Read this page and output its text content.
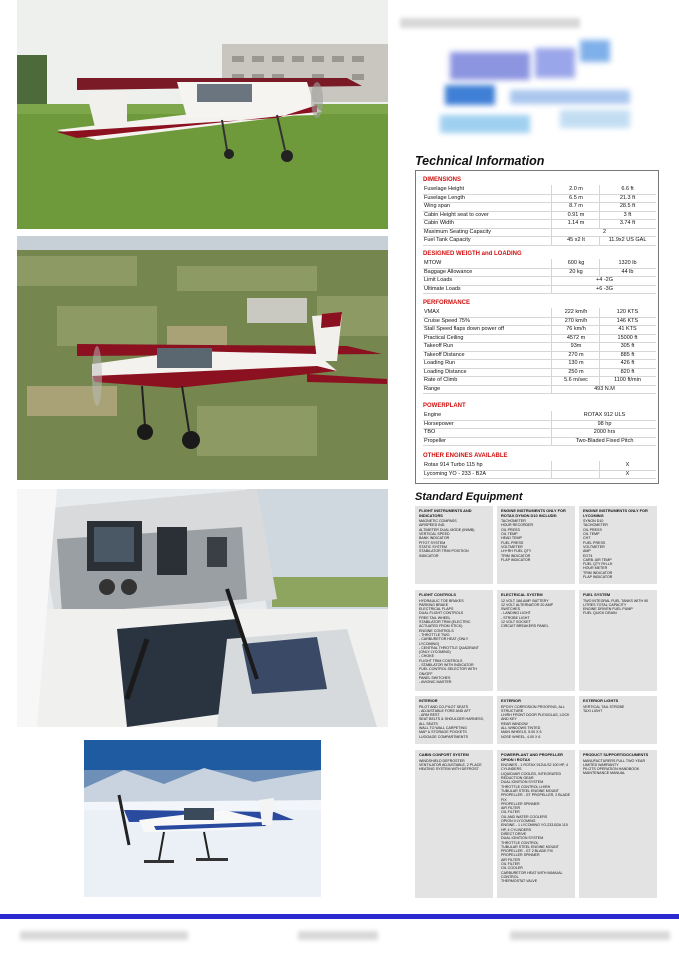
Technical Information
DIMENSIONS
Fuselage Height	2.0 m	6.6 ft
Fuselage Length	6.5 m	21.3 ft
Wing span	8.7 m	28.5 ft
Cabin Height seat to cover	0.91 m	3 ft
Cabin Width	1.14 m	3.74 ft
Maximum Seating Capacity	2
Fuel Tank Capacity	45 x2 lt	11.9x2 US GAL
DESIGNED WEIGTH and LOADING
MTOW	600 kg	1320 lb
Baggage Allowance	20 kg	44 lb
Limit Loads	+4 -2G
Ultimate Loads	+6 -3G
PERFORMANCE
VMAX	222 km/h	120 KTS
Cruise Speed 75%	270 km/h	146 KTS
Stall Speed flaps down power off	76 km/h	41 KTS
Practical Ceiling	4572 m	15000 ft
Takeoff Run	93m	305 ft
Takeoff Distance	270 m	885 ft
Loading Run	130 m	426 ft
Loading Distance	250 m	820 ft
Rate of Climb	5.6 m/sec	1100 ft/min
Range	493 N.M
POWERPLANT
Engine	ROTAX 912 ULS
Horsepower	98 hp
TBO	2000 hrs
Propeller	Two-Bladed Fixed Pitch
OTHER ENGINES AVAILABLE
Rotax 914 Turbo 115 hp	X
Lycoming YO - 233 - B2A	X
Standard Equipment
FLIGHT INSTRUMENTS AND INDICATORS
MAGNETIC COMPASS
AIRSPEED IND.
ALTIMETER DUAL MODE (IN/MB)
VERTICAL SPEED
BANK INDICATOR
PITOT SYSTEM
STATIC SYSTEM
STABILATOR TRIM POSITION INDICATOR
ENGINE INSTRUMENTS ONLY FOR ROTAX DYNON D10 INCLUDE:
TACHOMETER
HOUR RECORDER
OIL PRESS
OIL TEMP
HEAD TEMP
FUEL PRESS
VOLTMETER
LH+RH FUEL QTY
TRIM INDICATOR
FLAP INDICATOR
ENGINE INSTRUMENTS ONLY FOR LYCOMING
SYNON D10
TACHOMETER
OIL PRESS
OIL TEMP
CHT
FUEL PRESS
VOLTMETER
AMP
EGT4
CARB. AIR TEMP
FUEL QTY RH-LH
HOUR METER
TRIM INDICATOR
FLAP INDICATOR
FLIGHT CONTROLS
HYDRAULIC TOE BRAKES
PARKING BRAKE
ELECTRICAL FLAPS
DUAL FLIGHT CONTROLS
FREE TAIL WHEEL
STABILATOR TRIM (ELECTRIC ACTUATED FROM STICK)
ENGINE CONTROLS
- THROTTLE TWO
- CARBURETOR HEAT (ONLY LYCOMING)
- CENTRAL THROTTLE QUADRANT (ONLY LYCOMING)
- CHOKE
FLIGHT TRIM CONTROLS
- STABILATOR WITH INDICATOR
FUEL CONTROL SELECTOR WITH ON/OFF
PANEL SWITCHES
- AVIONIC MASTER
ELECTRICAL SYSTEM
12 VOLT 18A AMP. BATTERY
12 VOLT ALTERNATOR 20 AMP
SWITCHES
- LANDING LIGHT
- STROBE LIGHT
12 VOLT SOCKET
CIRCUIT BREAKERS PANEL
FUEL SYSTEM
TWO INTEGRAL FUEL TANKS WITH 90 LITRES TOTAL CAPACITY
ENGINE DRIVEN FUEL PUMP
FUEL QUICK DRAIN
INTERIOR
PILOT AND CO-PILOT SEATS
- ADJUSTABLE FORE AND AFT
- ARM REST
SEAT BELTS & SHOULDER HARNESS, ALL SEATS
WALL TO WALL CARPETING
MAP & STORAGE POCKETS
LUGGAGE COMPARTMENTS
EXTERIOR
EPOXY CORROSION PROOFING, ALL STRUCTURE
LH/RH FRONT DOOR PLEXIGLAS, LOCK AND KEY
REAR WINDOW
ALL WINDOWS TINTED
MAIN WHEELS, 5.00 X 5
NOSE WHEEL, 4.00 X 6
EXTERIOR LIGHTS
VERTICAL TAIL STROBE
TAXI LIGHT
CABIN CONFORT SYSTEM
WINDSHIELD DEFROSTER
VENTILATOR ADJUSTABLE, 2 PLACE
HEATING SYSTEM WITH DEFROST
POWERPLANT AND PROPELLER OPION I ROTAX
ENGINES - 1 ROTAX 912ULS2 100 HP, 4 CYLINDERS
LIQUID/AIR COOLED, INTEGRATED REDUCTION GEAR
DUAL IGNITION SYSTEM
THROTTLE CONTROL LH/RH
TUBULAR STEEL ENGINE MOUNT
PROPELLER - GT PROPELLER, 2 BLADE FIX
PROPELLER SPINNER
AIR FILTER
OIL FILTER
OIL AND WATER COOLERS
OPION II LYCOMING
ENGINE - 1 LYCOMING YO-233-B2A 115 HP, 4 CYLINDERS
DIRECT DRIVE
DUAL IGNITION SYSTEM
THROTTLE CONTROL
TUBULAR STEEL ENGINE MOUNT
PROPELLER - GT 2 BLADE FIX
PROPELLER SPINNER
AIR FILTER
OIL FILTER
OIL COOLER
CARBURETOR HEAT WITH MANUAL CONTROL
THERMOSTAT VALVE
PRODUCT SUPPORT/DOCUMENTS
MANUFACTURERS FULL TWO YEAR LIMITED WARRANTY
PILOTS OPERATION HANDBOOK
MAINTENANCE MANUAL
